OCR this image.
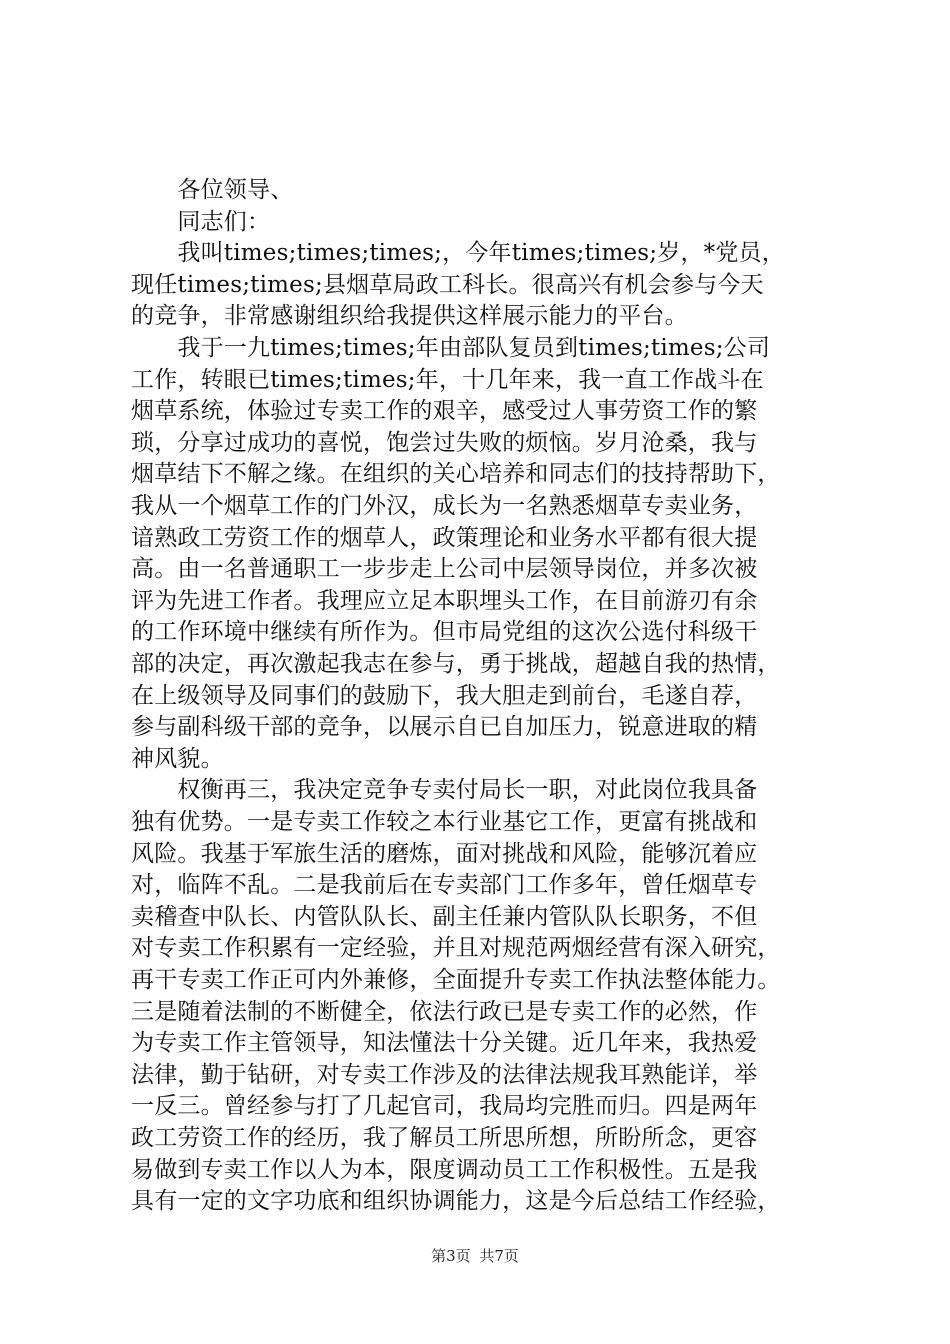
　　各位领导、
　　同志们：
　　我叫times;times;times;，今年times;times;岁，*党员，
现任times;times;县烟草局政工科长。很高兴有机会参与今天
的竞争，非常感谢组织给我提供这样展示能力的平台。
　　我于一九times;times;年由部队复员到times;times;公司
工作，转眼已times;times;年，十几年来，我一直工作战斗在
烟草系统，体验过专卖工作的艰辛，感受过人事劳资工作的繁
琐，分享过成功的喜悦，饱尝过失败的烦恼。岁月沧桑，我与
烟草结下不解之缘。在组织的关心培养和同志们的技持帮助下，
我从一个烟草工作的门外汉，成长为一名熟悉烟草专卖业务，
谙熟政工劳资工作的烟草人，政策理论和业务水平都有很大提
高。由一名普通职工一步步走上公司中层领导岗位，并多次被
评为先进工作者。我理应立足本职埋头工作，在目前游刃有余
的工作环境中继续有所作为。但市局党组的这次公选付科级干
部的决定，再次激起我志在参与，勇于挑战，超越自我的热情，
在上级领导及同事们的鼓励下，我大胆走到前台，毛遂自荐，
参与副科级干部的竞争，以展示自已自加压力，锐意进取的精
神风貌。
　　权衡再三，我决定竞争专卖付局长一职，对此岗位我具备
独有优势。一是专卖工作较之本行业基它工作，更富有挑战和
风险。我基于军旅生活的磨炼，面对挑战和风险，能够沉着应
对，临阵不乱。二是我前后在专卖部门工作多年，曾任烟草专
卖稽查中队长、内管队队长、副主任兼内管队队长职务，不但
对专卖工作积累有一定经验，并且对规范两烟经营有深入研究，
再干专卖工作正可内外兼修，全面提升专卖工作执法整体能力。
三是随着法制的不断健全，依法行政已是专卖工作的必然，作
为专卖工作主管领导，知法懂法十分关键。近几年来，我热爱
法律，勤于钻研，对专卖工作涉及的法律法规我耳熟能详，举
一反三。曾经参与打了几起官司，我局均完胜而归。四是两年
政工劳资工作的经历，我了解员工所思所想，所盼所念，更容
易做到专卖工作以人为本，限度调动员工工作积极性。五是我
具有一定的文字功底和组织协调能力，这是今后总结工作经验，
第3页 共7页
